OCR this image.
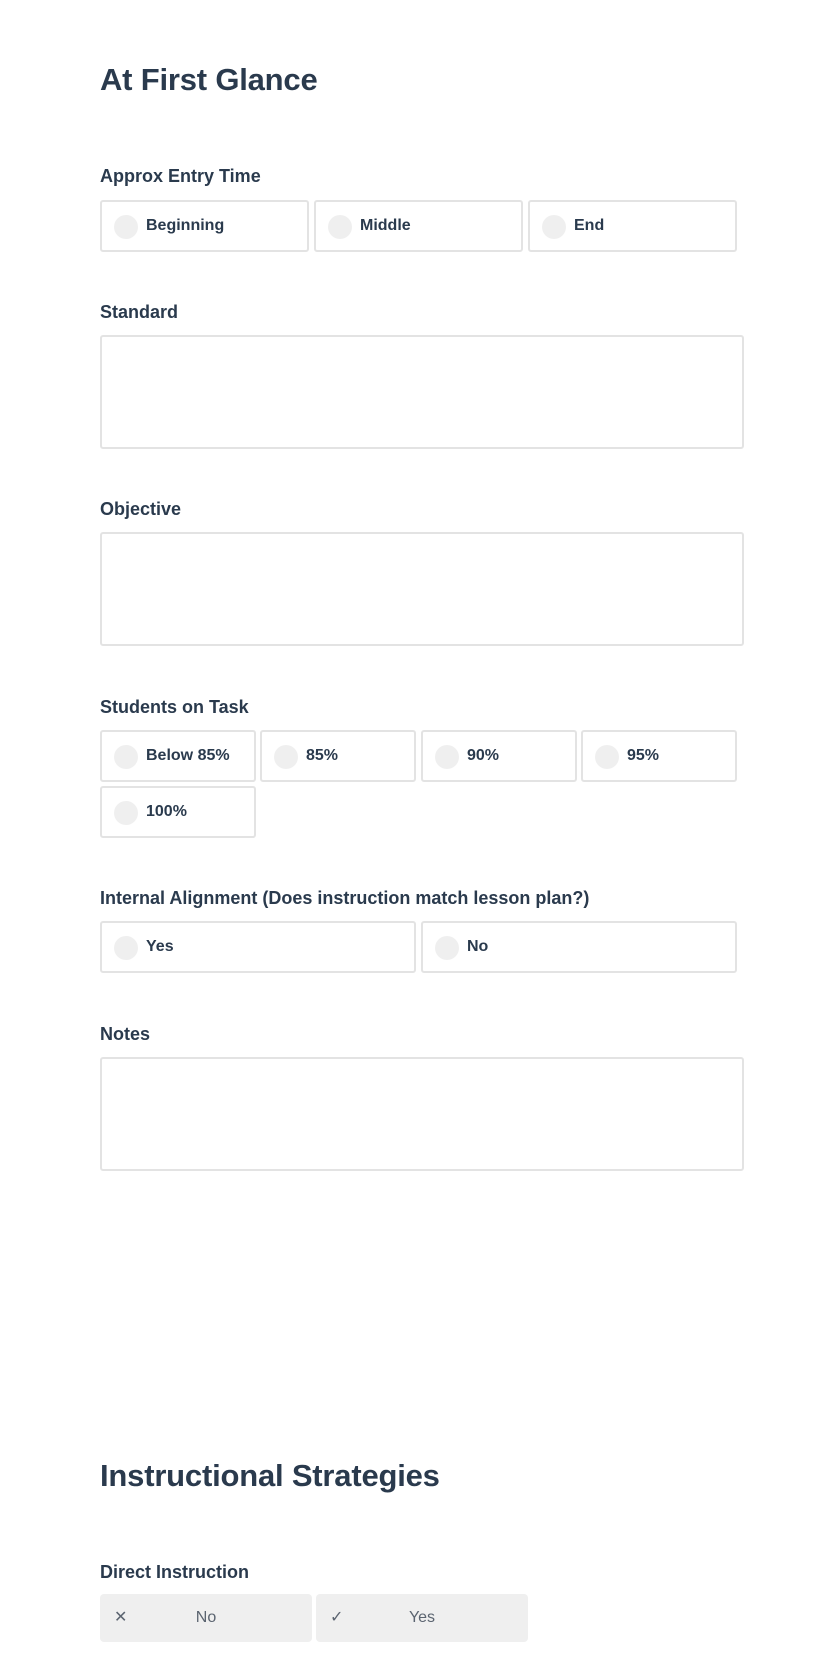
At First Glance
Approx Entry Time
Beginning	Middle	End
Standard
Objective
Students on Task
Below 85%	85%	90%	95%
100%
Internal Alignment (Does instruction match lesson plan?)
Yes	No
Notes
Instructional Strategies
Direct Instruction
✕	No	✓	Yes
